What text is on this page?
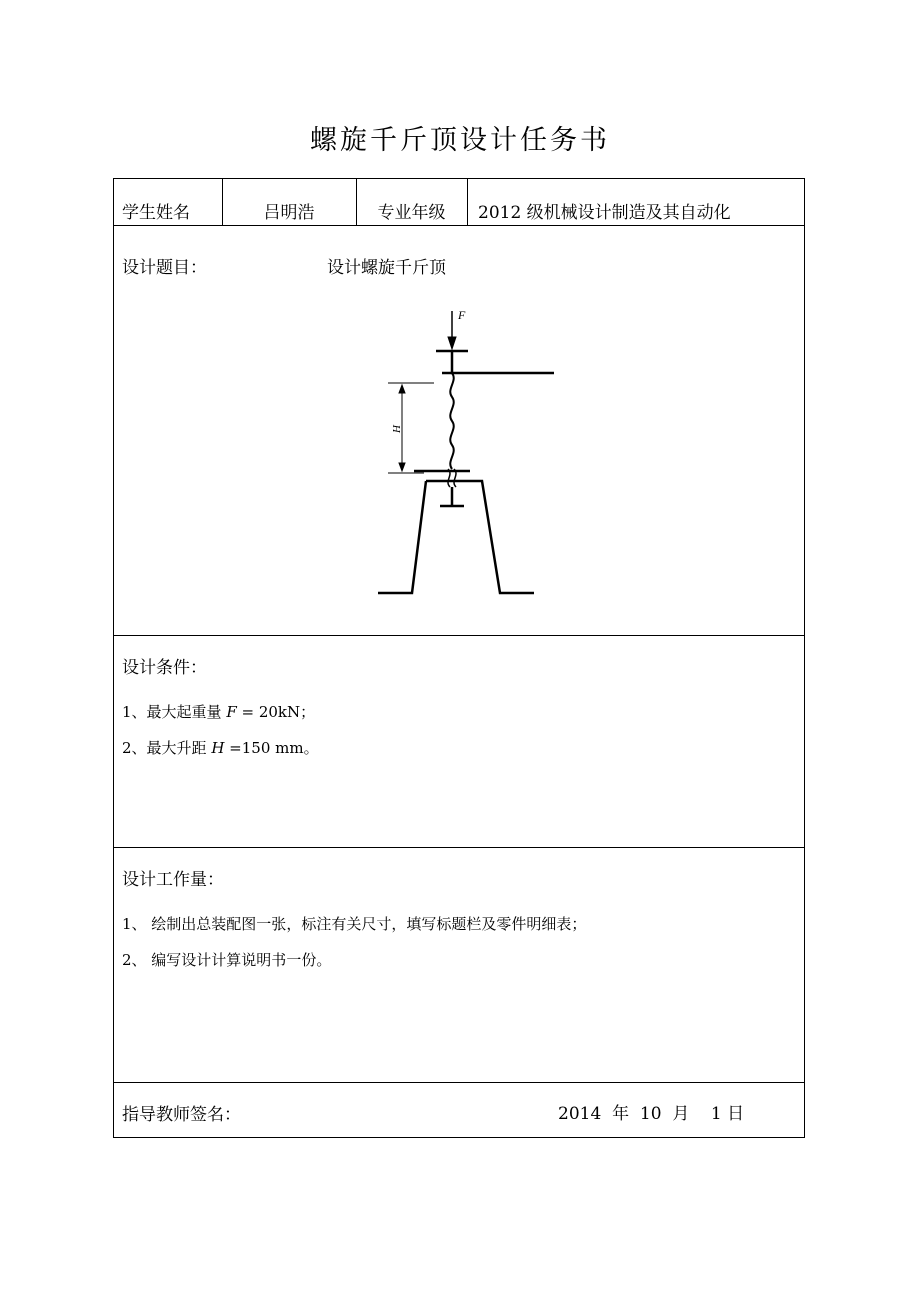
螺旋千斤顶设计任务书
学生姓名	吕明浩	专业年级	2012 级机械设计制造及其自动化
设计题目：	设计螺旋千斤顶
F
H
设计条件：
1、最大起重量 F = 20kN；
2、最大升距 H =150 mm。
设计工作量：
1、 绘制出总装配图一张，标注有关尺寸，填写标题栏及零件明细表；
2、 编写设计计算说明书一份。
指导教师签名：	2014  年  10  月    1 日
